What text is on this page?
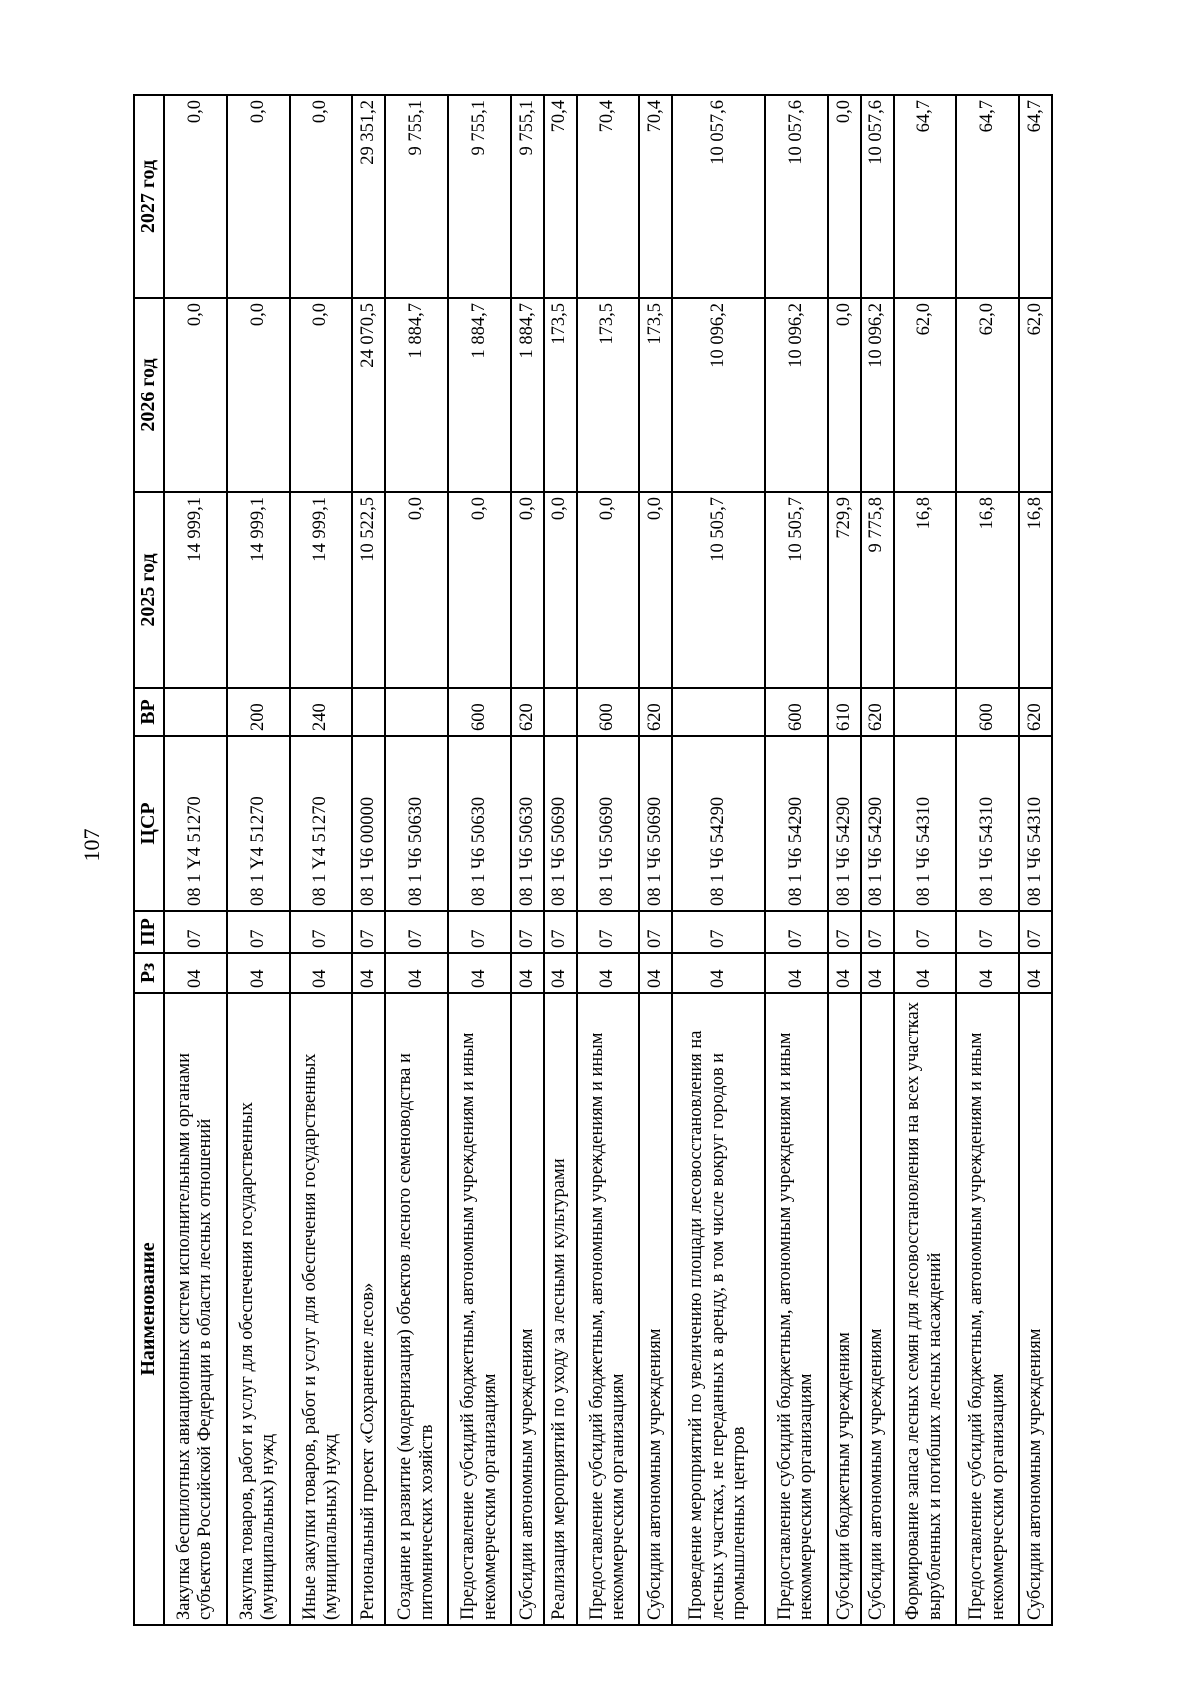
107
Наименование	Рз	ПР	ЦСР	ВР	2025 год	2026 год	2027 год
Закупка беспилотных авиационных систем исполнительными органами субъектов Российской Федерации в области лесных отношений	04	07	08 1 Y4 51270		14 999,1	0,0	0,0
Закупка товаров, работ и услуг для обеспечения государственных (муниципальных) нужд	04	07	08 1 Y4 51270	200	14 999,1	0,0	0,0
Иные закупки товаров, работ и услуг для обеспечения государственных (муниципальных) нужд	04	07	08 1 Y4 51270	240	14 999,1	0,0	0,0
Региональный проект «Сохранение лесов»	04	07	08 1 Ч6 00000		10 522,5	24 070,5	29 351,2
Создание и развитие (модернизация) объектов лесного семеноводства и питомнических хозяйств	04	07	08 1 Ч6 50630		0,0	1 884,7	9 755,1
Предоставление субсидий бюджетным, автономным учреждениям и иным некоммерческим организациям	04	07	08 1 Ч6 50630	600	0,0	1 884,7	9 755,1
Субсидии автономным учреждениям	04	07	08 1 Ч6 50630	620	0,0	1 884,7	9 755,1
Реализация мероприятий по уходу за лесными культурами	04	07	08 1 Ч6 50690		0,0	173,5	70,4
Предоставление субсидий бюджетным, автономным учреждениям и иным некоммерческим организациям	04	07	08 1 Ч6 50690	600	0,0	173,5	70,4
Субсидии автономным учреждениям	04	07	08 1 Ч6 50690	620	0,0	173,5	70,4
Проведение мероприятий по увеличению площади лесовосстановления на лесных участках, не переданных в аренду, в том числе вокруг городов и промышленных центров	04	07	08 1 Ч6 54290		10 505,7	10 096,2	10 057,6
Предоставление субсидий бюджетным, автономным учреждениям и иным некоммерческим организациям	04	07	08 1 Ч6 54290	600	10 505,7	10 096,2	10 057,6
Субсидии бюджетным учреждениям	04	07	08 1 Ч6 54290	610	729,9	0,0	0,0
Субсидии автономным учреждениям	04	07	08 1 Ч6 54290	620	9 775,8	10 096,2	10 057,6
Формирование запаса лесных семян для лесовосстановления на всех участках вырубленных и погибших лесных насаждений	04	07	08 1 Ч6 54310		16,8	62,0	64,7
Предоставление субсидий бюджетным, автономным учреждениям и иным некоммерческим организациям	04	07	08 1 Ч6 54310	600	16,8	62,0	64,7
Субсидии автономным учреждениям	04	07	08 1 Ч6 54310	620	16,8	62,0	64,7
